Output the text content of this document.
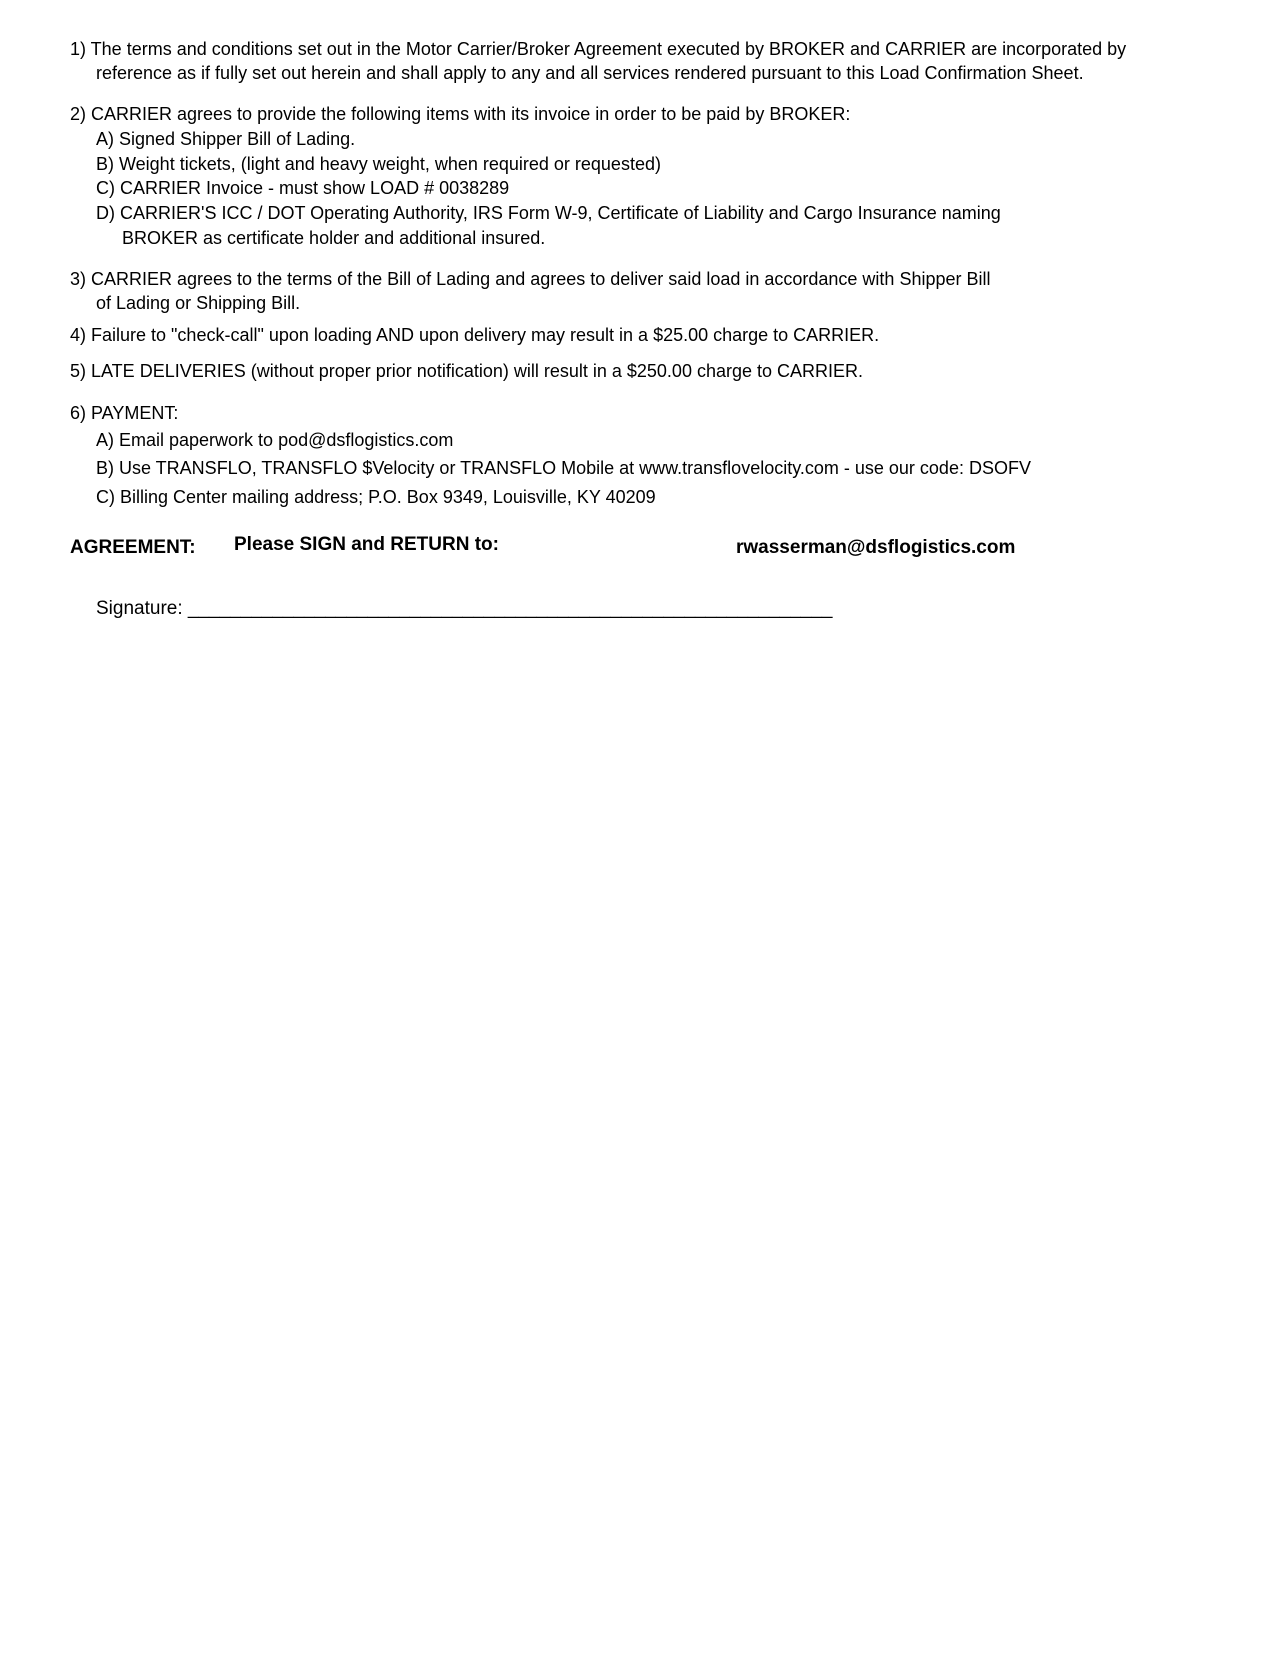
1) The terms and conditions set out in the Motor Carrier/Broker Agreement executed by BROKER and CARRIER are incorporated by
reference as if fully set out herein and shall apply to any and all services rendered pursuant to this Load Confirmation Sheet.
2) CARRIER agrees to provide the following items with its invoice in order to be paid by BROKER:
A) Signed Shipper Bill of Lading.
B) Weight tickets, (light and heavy weight, when required or requested)
C) CARRIER Invoice - must show LOAD # 0038289
D) CARRIER'S ICC / DOT Operating Authority, IRS Form W-9, Certificate of Liability and Cargo Insurance naming
BROKER as certificate holder and additional insured.
3) CARRIER agrees to the terms of the Bill of Lading and agrees to deliver said load in accordance with Shipper Bill
of Lading or Shipping Bill.
4) Failure to "check-call" upon loading AND upon delivery may result in a $25.00 charge to CARRIER.
5) LATE DELIVERIES (without proper prior notification) will result in a $250.00 charge to CARRIER.
6) PAYMENT:
A) Email paperwork to pod@dsflogistics.com
B) Use TRANSFLO, TRANSFLO $Velocity or TRANSFLO Mobile at www.transflovelocity.com - use our code: DSOFV
C) Billing Center mailing address; P.O. Box 9349, Louisville, KY 40209
AGREEMENT: Please SIGN and RETURN to:	rwasserman@dsflogistics.com
Signature: _____________________________________________________________
